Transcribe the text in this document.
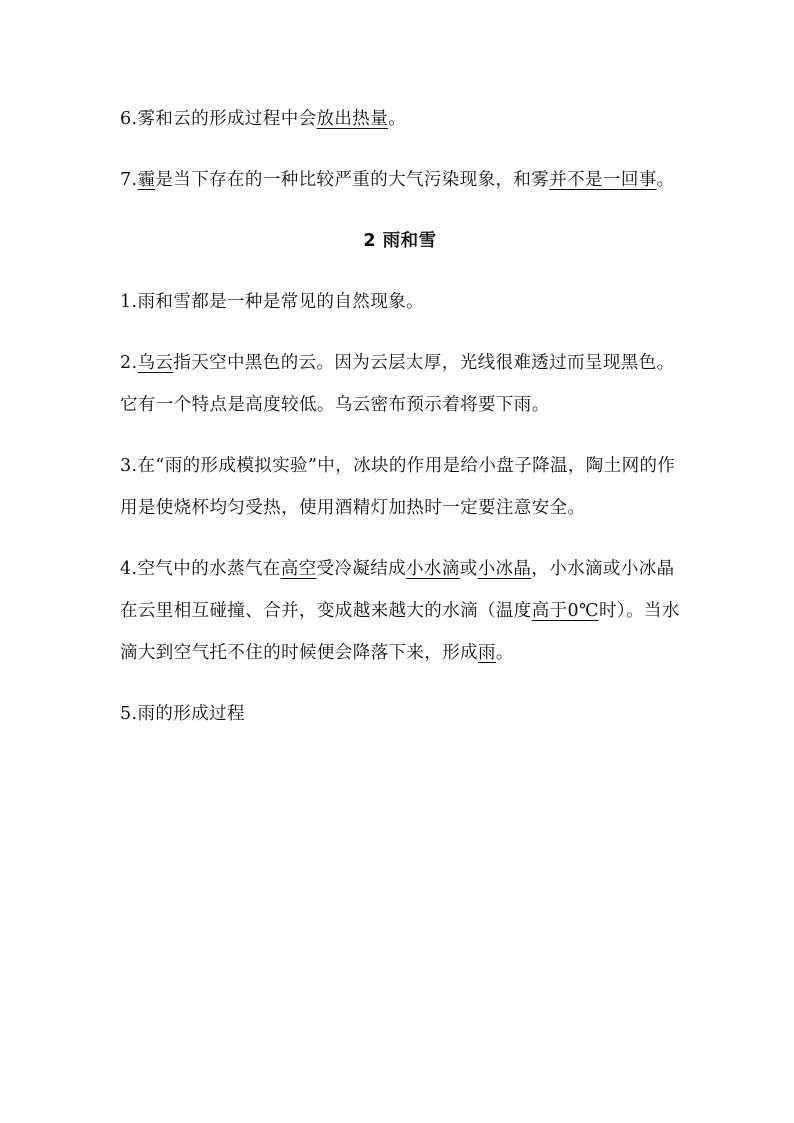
6.雾和云的形成过程中会放出热量。

7.霾是当下存在的一种比较严重的大气污染现象，和雾并不是一回事。

2 雨和雪

1.雨和雪都是一种是常见的自然现象。

2.乌云指天空中黑色的云。因为云层太厚，光线很难透过而呈现黑色。它有一个特点是高度较低。乌云密布预示着将要下雨。

3.在“雨的形成模拟实验”中，冰块的作用是给小盘子降温，陶土网的作用是使烧杯均匀受热，使用酒精灯加热时一定要注意安全。

4.空气中的水蒸气在高空受冷凝结成小水滴或小冰晶，小水滴或小冰晶在云里相互碰撞、合并，变成越来越大的水滴（温度高于0℃时）。当水滴大到空气托不住的时候便会降落下来，形成雨。

5.雨的形成过程
